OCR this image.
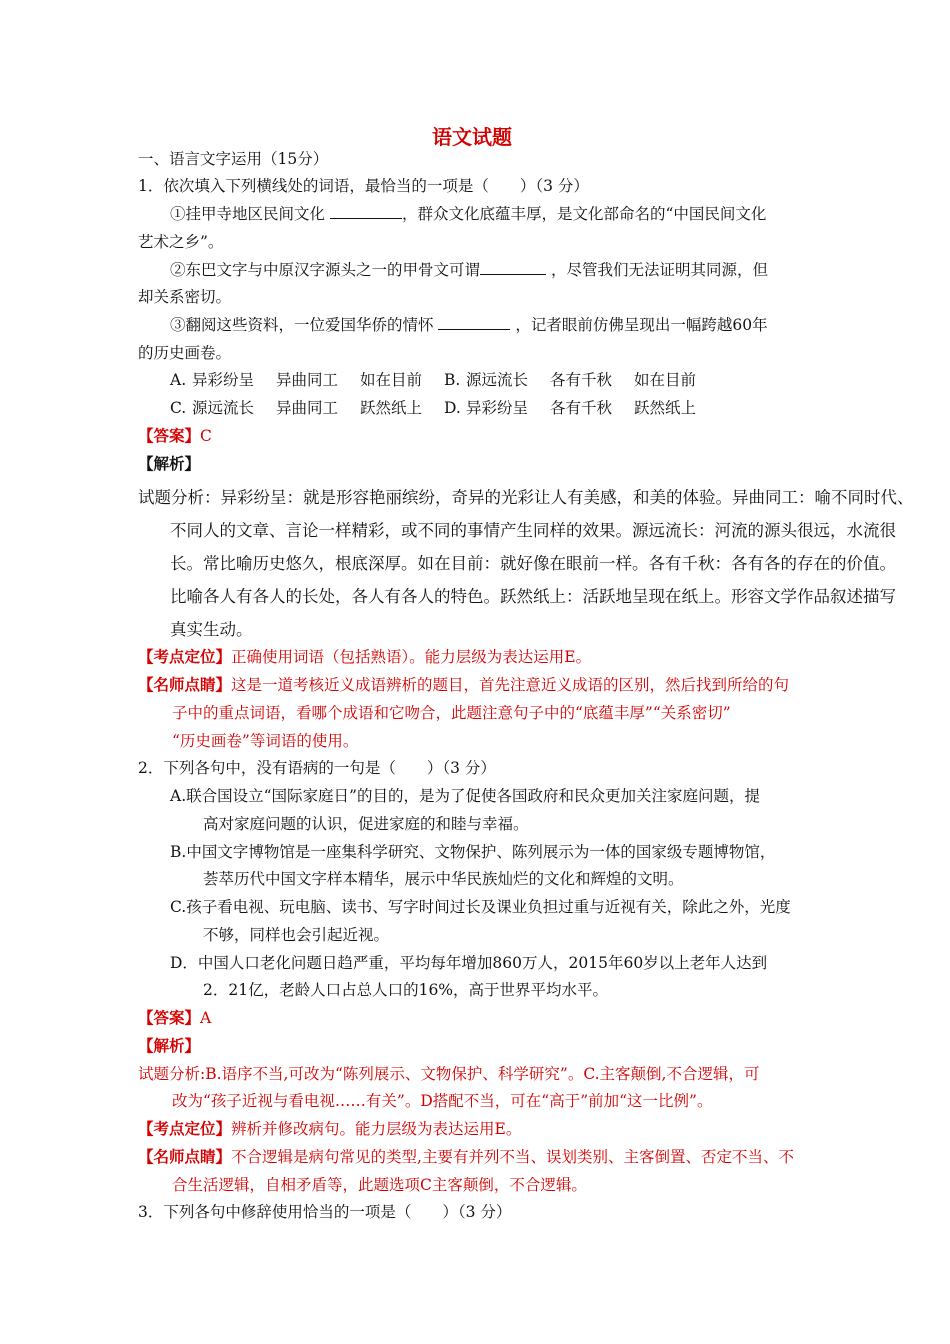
语文试题
一、语言文字运用（15分）
1．依次填入下列横线处的词语，最恰当的一项是（　　）（3 分）
①挂甲寺地区民间文化	，群众文化底蕴丰厚，是文化部命名的“中国民间文化
艺术之乡”。
②东巴文字与中原汉字源头之一的甲骨文可谓	，尽管我们无法证明其同源，但
却关系密切。
③翻阅这些资料，一位爱国华侨的情怀	，记者眼前仿佛呈现出一幅跨越60年
的历史画卷。
A. 异彩纷呈 异曲同工 如在目前 B. 源远流长 各有千秋 如在目前
C. 源远流长 异曲同工 跃然纸上 D. 异彩纷呈 各有千秋 跃然纸上
【答案】C
【解析】
试题分析：异彩纷呈：就是形容艳丽缤纷，奇异的光彩让人有美感，和美的体验。异曲同工：喻不同时代、
不同人的文章、言论一样精彩，或不同的事情产生同样的效果。源远流长：河流的源头很远，水流很
长。常比喻历史悠久，根底深厚。如在目前：就好像在眼前一样。各有千秋：各有各的存在的价值。
比喻各人有各人的长处，各人有各人的特色。跃然纸上：活跃地呈现在纸上。形容文学作品叙述描写
真实生动。
【考点定位】正确使用词语（包括熟语）。能力层级为表达运用E。
【名师点睛】这是一道考核近义成语辨析的题目，首先注意近义成语的区别，然后找到所给的句
子中的重点词语，看哪个成语和它吻合，此题注意句子中的“底蕴丰厚”“关系密切”
“历史画卷”等词语的使用。
2．下列各句中，没有语病的一句是（　　）（3 分）
A.联合国设立“国际家庭日”的目的，是为了促使各国政府和民众更加关注家庭问题，提
高对家庭问题的认识，促进家庭的和睦与幸福。
B.中国文字博物馆是一座集科学研究、文物保护、陈列展示为一体的国家级专题博物馆，
荟萃历代中国文字样本精华，展示中华民族灿烂的文化和辉煌的文明。
C.孩子看电视、玩电脑、读书、写字时间过长及课业负担过重与近视有关，除此之外，光度
不够，同样也会引起近视。
D．中国人口老化问题日趋严重，平均每年增加860万人，2015年60岁以上老年人达到
2．21亿，老龄人口占总人口的16%，高于世界平均水平。
【答案】A
【解析】
试题分析:B.语序不当,可改为“陈列展示、文物保护、科学研究”。C.主客颠倒,不合逻辑，可
改为“孩子近视与看电视……有关”。D搭配不当，可在“高于”前加“这一比例”。
【考点定位】辨析并修改病句。能力层级为表达运用E。
【名师点睛】不合逻辑是病句常见的类型,主要有并列不当、误划类别、主客倒置、否定不当、不
合生活逻辑，自相矛盾等，此题选项C主客颠倒，不合逻辑。
3．下列各句中修辞使用恰当的一项是（　　）（3 分）
